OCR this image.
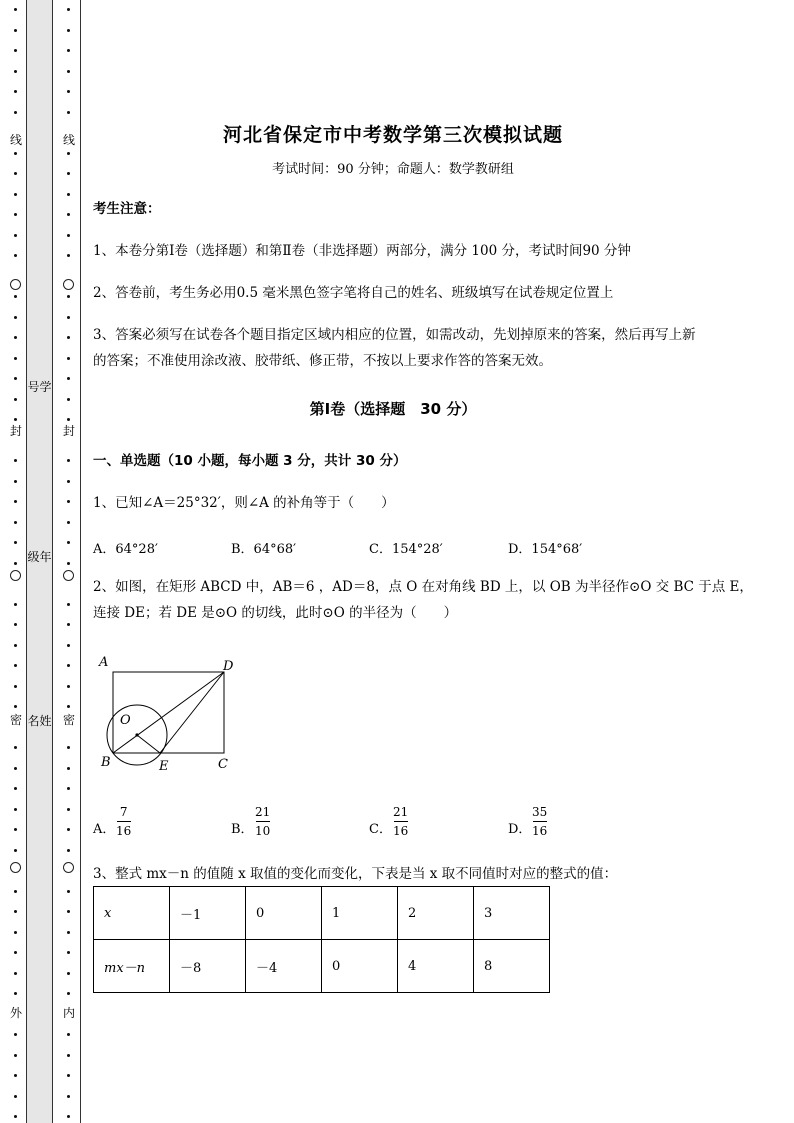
线
封
密
外
线
封
密
内
号学
级年
名姓
河北省保定市中考数学第三次模拟试题
考试时间：90 分钟；命题人：数学教研组
考生注意：
1、本卷分第Ⅰ卷（选择题）和第Ⅱ卷（非选择题）两部分，满分 100 分，考试时间90 分钟
2、答卷前，考生务必用0.5 毫米黑色签字笔将自己的姓名、班级填写在试卷规定位置上
3、答案必须写在试卷各个题目指定区域内相应的位置，如需改动，先划掉原来的答案，然后再写上新
的答案；不准使用涂改液、胶带纸、修正带，不按以上要求作答的答案无效。
第Ⅰ卷（选择题　30 分）
一、单选题（10 小题，每小题 3 分，共计 30 分）
1、已知∠A＝25°32′，则∠A 的补角等于（　　）
A．64°28′	B．64°68′	C．154°28′	D．154°68′
2、如图，在矩形 ABCD 中，AB＝6 ，AD＝8，点 O 在对角线 BD 上，以 OB 为半径作⊙O 交 BC 于点 E，
连接 DE；若 DE 是⊙O 的切线，此时⊙O 的半径为（　　）
A	D
O
B	E	C
A．
7
16	B．
21
10	C．
21
16	D．
35
16
3、整式 mx－n 的值随 x 取值的变化而变化，下表是当 x 取不同值时对应的整式的值：
x	－1	0	1	2	3
mx－n	－8	－4	0	4	8
